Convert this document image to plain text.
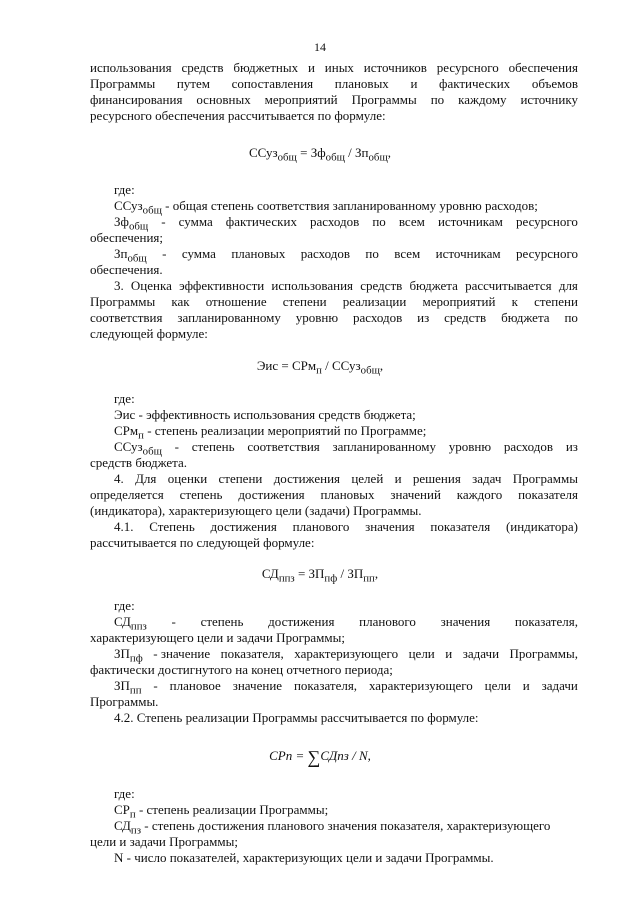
14
использования средств бюджетных и иных источников ресурсного обеспечения
Программы путем сопоставления плановых и фактических объемов
финансирования основных мероприятий Программы по каждому источнику
ресурсного обеспечения рассчитывается по формуле:
ССуз$_{общ}$ = $Зф_{общ} / Зп_{общ}$,
где:
ССуз$_{общ}$ - общая степень соответствия запланированному уровню расходов;
$Зф_{общ}$ - сумма фактических расходов по всем источникам ресурсного
обеспечения;
$Зп_{общ}$ - сумма плановых расходов по всем источникам ресурсного
обеспечения.
3. Оценка эффективности использования средств бюджета рассчитывается для
Программы как отношение степени реализации мероприятий к степени
соответствия запланированному уровню расходов из средств бюджета по
следующей формуле:
Эис = СРм$_п$ / ССуз$_{общ}$,
где:
Эис - эффективность использования средств бюджета;
СРм$_п$ - степень реализации мероприятий по Программе;
ССуз$_{общ}$ - степень соответствия запланированному уровню расходов из
средств бюджета.
4. Для оценки степени достижения целей и решения задач Программы
определяется степень достижения плановых значений каждого показателя
(индикатора), характеризующего цели (задачи) Программы.
4.1. Степень достижения планового значения показателя (индикатора)
рассчитывается по следующей формуле:
$СД_{ппз} = ЗП_{пф} / ЗП_{пп}$,
где:
$СД_{ппз}$ - степень достижения планового значения показателя,
характеризующего цели и задачи Программы;
$ЗП_{пф}$ - значение показателя, характеризующего цели и задачи Программы,
фактически достигнутого на конец отчетного периода;
$ЗП_{пп}$ - плановое значение показателя, характеризующего цели и задачи
Программы.
4.2. Степень реализации Программы рассчитывается по формуле:
СРп = ∑СДпз / N,
где:
$СР_п$ - степень реализации Программы;
$СД_{пз}$ - степень достижения планового значения показателя, характеризующего
цели и задачи Программы;
N - число показателей, характеризующих цели и задачи Программы.
